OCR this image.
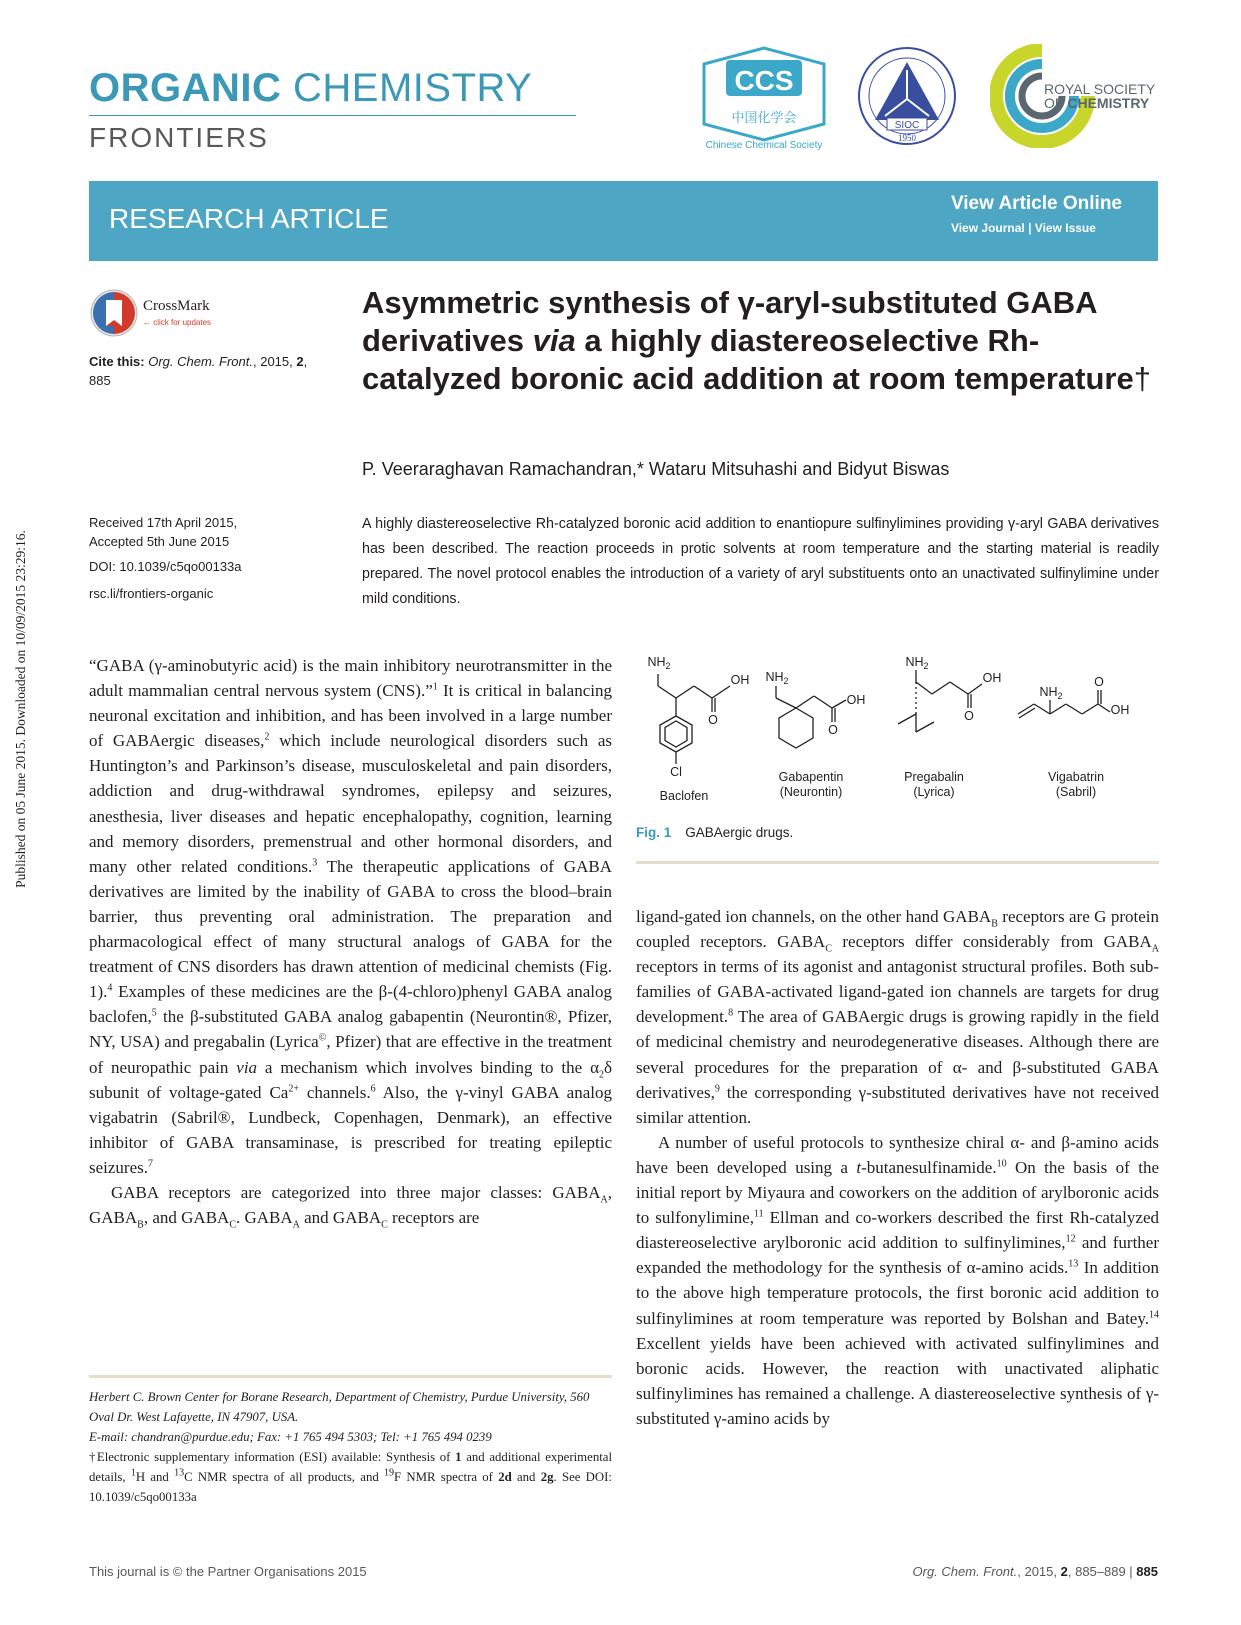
ORGANIC CHEMISTRY
FRONTIERS
CCS
中国化学会
Chinese Chemical Society
SIOC
1950
ROYAL SOCIETY
OF CHEMISTRY
RESEARCH ARTICLE	View Article Online
View Journal | View Issue
CrossMark
← click for updates
Cite this: Org. Chem. Front., 2015, 2,
885
Asymmetric synthesis of γ-aryl-substituted GABA derivatives via a highly diastereoselective Rh-catalyzed boronic acid addition at room temperature†
P. Veeraraghavan Ramachandran,* Wataru Mitsuhashi and Bidyut Biswas
Received 17th April 2015,
Accepted 5th June 2015
DOI: 10.1039/c5qo00133a
rsc.li/frontiers-organic
A highly diastereoselective Rh-catalyzed boronic acid addition to enantiopure sulfinylimines providing γ-aryl GABA derivatives has been described. The reaction proceeds in protic solvents at room temperature and the starting material is readily prepared. The novel protocol enables the introduction of a variety of aryl substituents onto an unactivated sulfinylimine under mild conditions.
Published on 05 June 2015. Downloaded on 10/09/2015 23:29:16.	$NH_2$
OH
O
Cl
Baclofen
$NH_2$
OH
O
Gabapentin
(Neurontin)
$NH_2$
OH
O
Pregabalin
(Lyrica)
$NH_2$
OH
O
Vigabatrin
(Sabril)
Fig. 1 GABAergic drugs.

“GABA (γ-aminobutyric acid) is the main inhibitory neurotransmitter in the adult mammalian central nervous system (CNS).”$^1$ It is critical in balancing neuronal excitation and inhibition, and has been involved in a large number of GABAergic diseases,$^2$ which include neurological disorders such as Huntington’s and Parkinson’s disease, musculoskeletal and pain disorders, addiction and drug-withdrawal syndromes, epilepsy and seizures, anesthesia, liver diseases and hepatic encephalopathy, cognition, learning and memory disorders, premenstrual and other hormonal disorders, and many other related conditions.$^3$ The therapeutic applications of GABA derivatives are limited by the inability of GABA to cross the blood–brain barrier, thus preventing oral administration. The preparation and pharmacological effect of many structural analogs of GABA for the treatment of CNS disorders has drawn attention of medicinal chemists (Fig. 1).$^4$ Examples of these medicines are the β-(4-chloro)phenyl GABA analog baclofen,$^5$ the β-substituted GABA analog gabapentin (Neurontin®, Pfizer, NY, USA) and pregabalin (Lyrica©, Pfizer) that are effective in the treatment of neuropathic pain via a mechanism which involves binding to the $\alpha_2\delta$ subunit of voltage-gated $Ca^{2+}$ channels.$^6$ Also, the γ-vinyl GABA analog vigabatrin (Sabril®, Lundbeck, Copenhagen, Denmark), an effective inhibitor of GABA transaminase, is prescribed for treating epileptic seizures.$^7$

GABA receptors are categorized into three major classes: $GABA_A$, $GABA_B$, and $GABA_C$. $GABA_A$ and $GABA_C$ receptors are

ligand-gated ion channels, on the other hand $GABA_B$ receptors are G protein coupled receptors. $GABA_C$ receptors differ considerably from $GABA_A$ receptors in terms of its agonist and antagonist structural profiles. Both sub-families of GABA-activated ligand-gated ion channels are targets for drug development.$^8$ The area of GABAergic drugs is growing rapidly in the field of medicinal chemistry and neurodegenerative diseases. Although there are several procedures for the preparation of α- and β-substituted GABA derivatives,$^9$ the corresponding γ-substituted derivatives have not received similar attention.

A number of useful protocols to synthesize chiral α- and β-amino acids have been developed using a t-butanesulfinamide.$^{10}$ On the basis of the initial report by Miyaura and coworkers on the addition of arylboronic acids to sulfonylimine,$^{11}$ Ellman and co-workers described the first Rh-catalyzed diastereoselective arylboronic acid addition to sulfinylimines,$^{12}$ and further expanded the methodology for the synthesis of α-amino acids.$^{13}$ In addition to the above high temperature protocols, the first boronic acid addition to sulfinylimines at room temperature was reported by Bolshan and Batey.$^{14}$ Excellent yields have been achieved with activated sulfinylimines and boronic acids. However, the reaction with unactivated aliphatic sulfinylimines has remained a challenge. A diastereoselective synthesis of γ-substituted γ-amino acids by

Herbert C. Brown Center for Borane Research, Department of Chemistry, Purdue University, 560 Oval Dr. West Lafayette, IN 47907, USA.
E-mail: chandran@purdue.edu; Fax: +1 765 494 5303; Tel: +1 765 494 0239
†Electronic supplementary information (ESI) available: Synthesis of 1 and additional experimental details, $^1$H and $^{13}$C NMR spectra of all products, and $^{19}$F NMR spectra of 2d and 2g. See DOI: 10.1039/c5qo00133a
This journal is © the Partner Organisations 2015	Org. Chem. Front., 2015, 2, 885–889 | 885
